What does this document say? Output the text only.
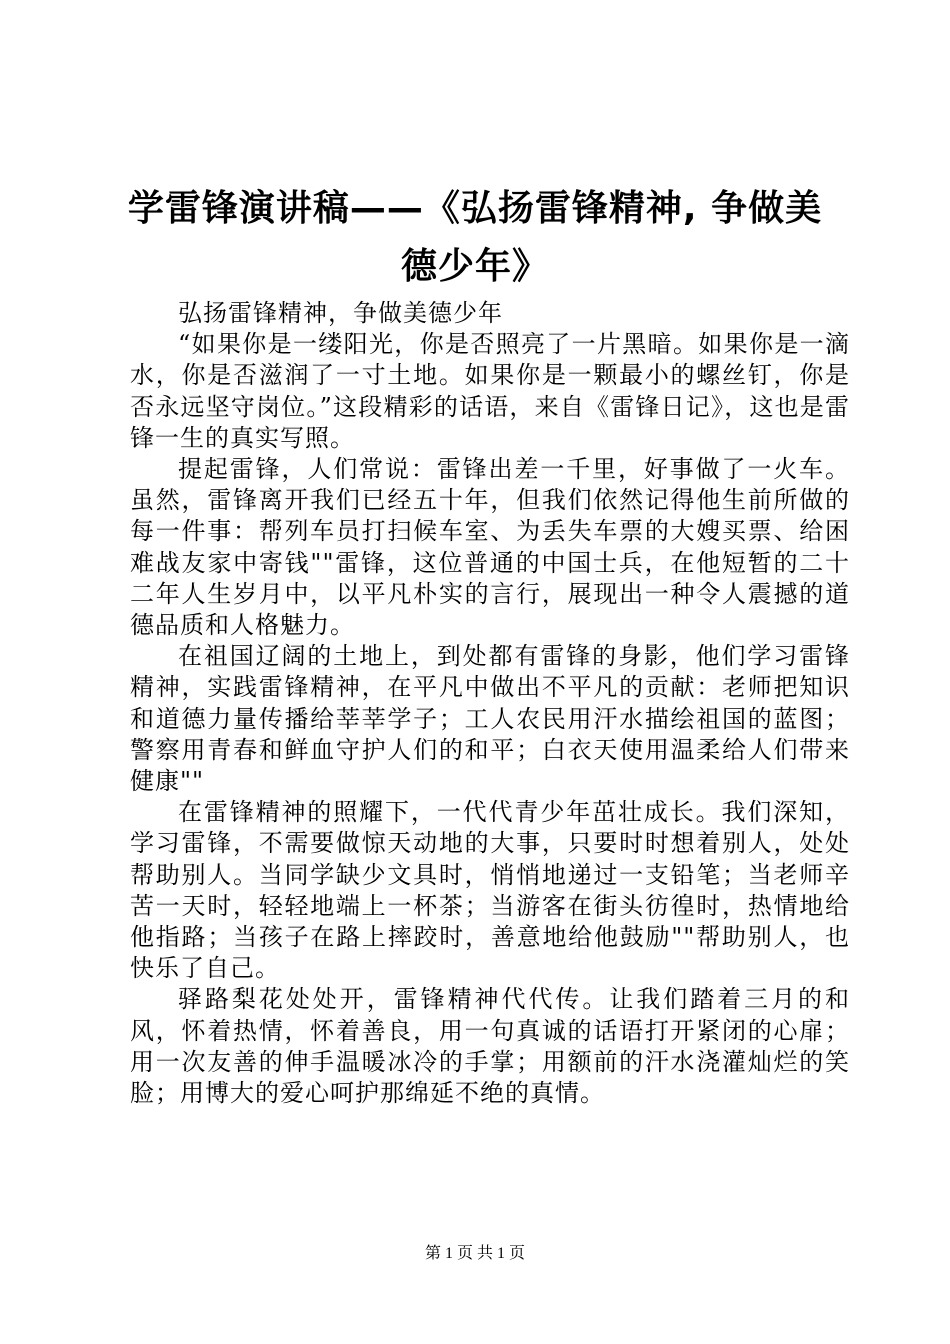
学雷锋演讲稿——《弘扬雷锋精神, 争做美德少年》

弘扬雷锋精神，争做美德少年

“如果你是一缕阳光，你是否照亮了一片黑暗。如果你是一滴水，你是否滋润了一寸土地。如果你是一颗最小的螺丝钉，你是否永远坚守岗位。”这段精彩的话语，来自《雷锋日记》，这也是雷锋一生的真实写照。

提起雷锋，人们常说：雷锋出差一千里，好事做了一火车。虽然，雷锋离开我们已经五十年，但我们依然记得他生前所做的每一件事：帮列车员打扫候车室、为丢失车票的大嫂买票、给困难战友家中寄钱""雷锋，这位普通的中国士兵，在他短暂的二十二年人生岁月中，以平凡朴实的言行，展现出一种令人震撼的道德品质和人格魅力。

在祖国辽阔的土地上，到处都有雷锋的身影，他们学习雷锋精神，实践雷锋精神，在平凡中做出不平凡的贡献：老师把知识和道德力量传播给莘莘学子；工人农民用汗水描绘祖国的蓝图；警察用青春和鲜血守护人们的和平；白衣天使用温柔给人们带来健康""

在雷锋精神的照耀下，一代代青少年茁壮成长。我们深知，学习雷锋，不需要做惊天动地的大事，只要时时想着别人，处处帮助别人。当同学缺少文具时，悄悄地递过一支铅笔；当老师辛苦一天时，轻轻地端上一杯茶；当游客在街头彷徨时，热情地给他指路；当孩子在路上摔跤时，善意地给他鼓励""帮助别人，也快乐了自己。

驿路梨花处处开，雷锋精神代代传。让我们踏着三月的和风，怀着热情，怀着善良，用一句真诚的话语打开紧闭的心扉；用一次友善的伸手温暖冰冷的手掌；用额前的汗水浇灌灿烂的笑脸；用博大的爱心呵护那绵延不绝的真情。

第 1 页 共 1 页
